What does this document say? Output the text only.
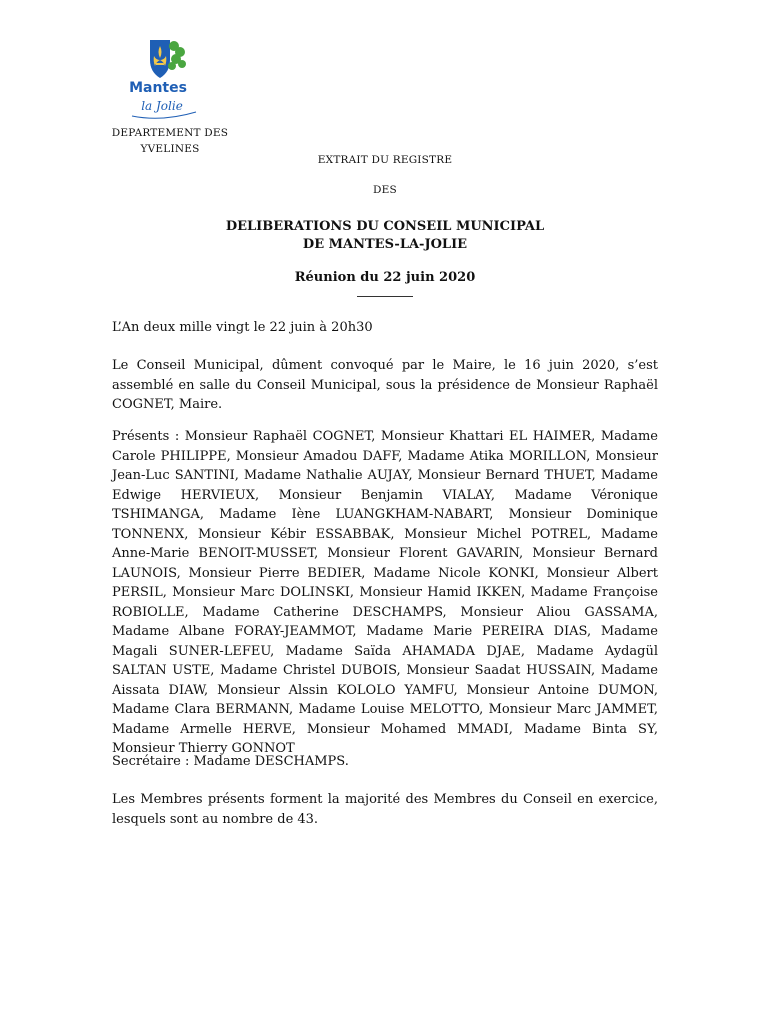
Mantes
la Jolie
DEPARTEMENT DES YVELINES
EXTRAIT DU REGISTRE
DES
DELIBERATIONS DU CONSEIL MUNICIPAL
DE MANTES-LA-JOLIE
Réunion du 22 juin 2020
L’An deux mille vingt le 22 juin à 20h30
Le Conseil Municipal, dûment convoqué par le Maire, le 16 juin 2020, s’est assemblé en salle du Conseil Municipal, sous la présidence de Monsieur Raphaël COGNET, Maire.
Présents : Monsieur Raphaël COGNET, Monsieur Khattari EL HAIMER, Madame Carole PHILIPPE, Monsieur Amadou DAFF, Madame Atika MORILLON, Monsieur Jean-Luc SANTINI, Madame Nathalie AUJAY, Monsieur Bernard THUET, Madame Edwige HERVIEUX, Monsieur Benjamin VIALAY, Madame Véronique TSHIMANGA, Madame Iène LUANGKHAM-NABART, Monsieur Dominique TONNENX, Monsieur Kébir ESSABBAK, Monsieur Michel POTREL, Madame Anne-Marie BENOIT-MUSSET, Monsieur Florent GAVARIN, Monsieur Bernard LAUNOIS, Monsieur Pierre BEDIER, Madame Nicole KONKI, Monsieur Albert PERSIL, Monsieur Marc DOLINSKI, Monsieur Hamid IKKEN, Madame Françoise ROBIOLLE, Madame Catherine DESCHAMPS, Monsieur Aliou GASSAMA, Madame Albane FORAY-JEAMMOT, Madame Marie PEREIRA DIAS, Madame Magali SUNER-LEFEU, Madame Saïda AHAMADA DJAE, Madame Aydagül SALTAN USTE, Madame Christel DUBOIS, Monsieur Saadat HUSSAIN, Madame Aissata DIAW, Monsieur Alssin KOLOLO YAMFU, Monsieur Antoine DUMON, Madame Clara BERMANN, Madame Louise MELOTTO, Monsieur Marc JAMMET, Madame Armelle HERVE, Monsieur Mohamed MMADI, Madame Binta SY, Monsieur Thierry GONNOT
Secrétaire : Madame DESCHAMPS.
Les Membres présents forment la majorité des Membres du Conseil en exercice, lesquels sont au nombre de 43.
